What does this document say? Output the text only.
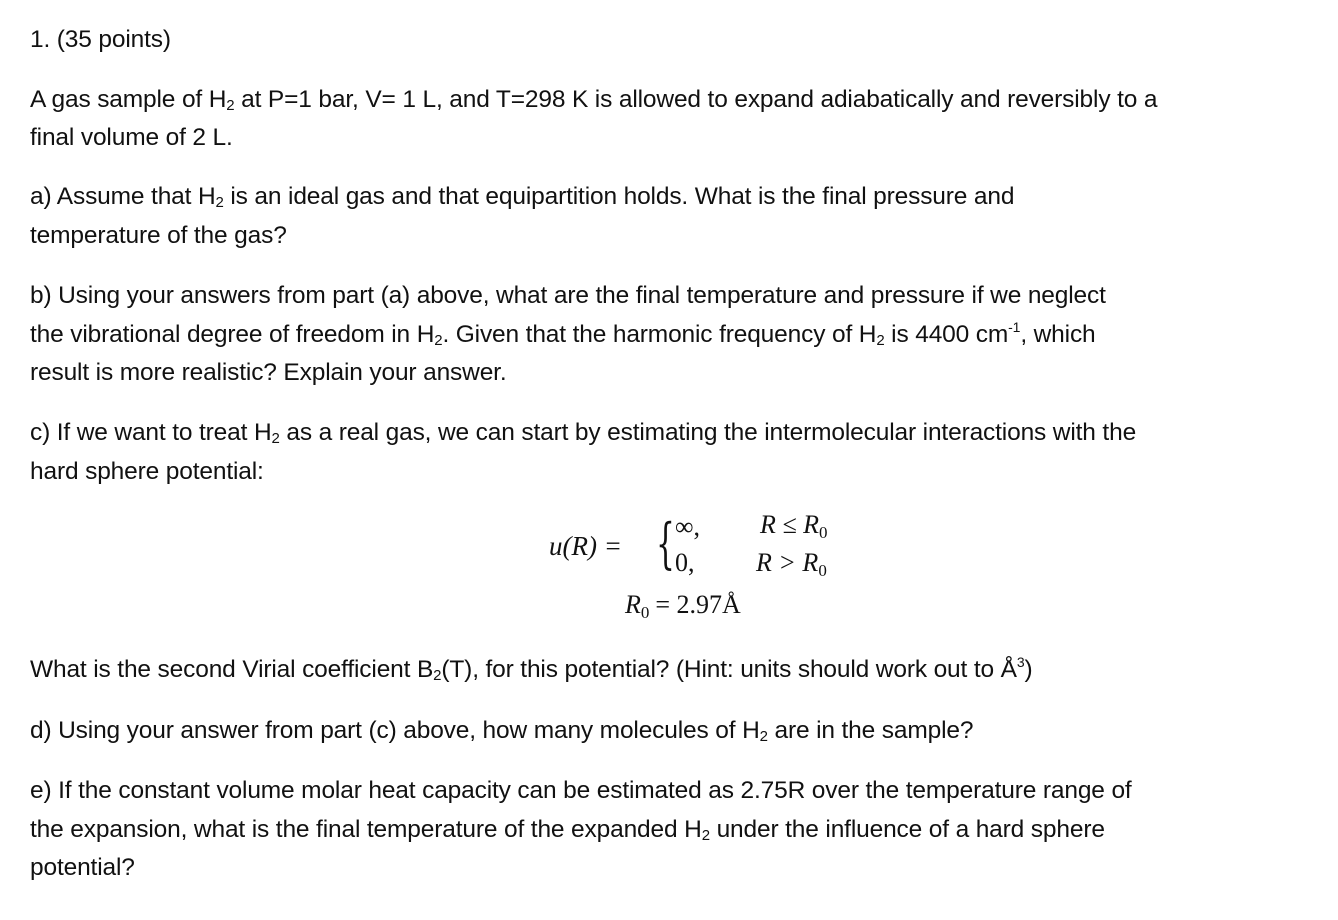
1. (35 points)
A gas sample of $H_2$ at P=1 bar, V= 1 L, and T=298 K is allowed to expand adiabatically and reversibly to a
final volume of 2 L.
a) Assume that $H_2$ is an ideal gas and that equipartition holds. What is the final pressure and
temperature of the gas?
b) Using your answers from part (a) above, what are the final temperature and pressure if we neglect
the vibrational degree of freedom in $H_2$. Given that the harmonic frequency of $H_2$ is 4400 $cm^{-1}$, which
result is more realistic? Explain your answer.
c) If we want to treat $H_2$ as a real gas, we can start by estimating the intermolecular interactions with the
hard sphere potential:
What is the second Virial coefficient $B_2(T)$, for this potential? (Hint: units should work out to $Å^3$)
d) Using your answer from part (c) above, how many molecules of $H_2$ are in the sample?
e) If the constant volume molar heat capacity can be estimated as 2.75R over the temperature range of
the expansion, what is the final temperature of the expanded $H_2$ under the influence of a hard sphere
potential?
u(R) = { ∞,
0,
R ≤ R0
R > R0
R0 = 2.97Å
